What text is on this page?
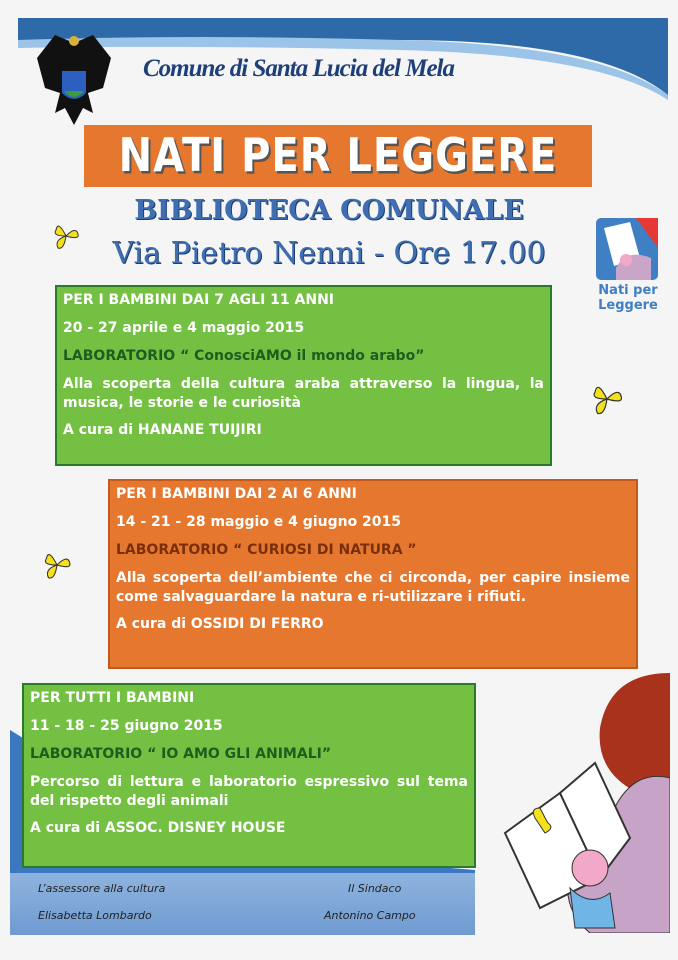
Comune di Santa Lucia del Mela
NATI PER LEGGERE
BIBLIOTECA COMUNALE
Via Pietro Nenni - Ore 17.00
Nati per Leggere
PER I BAMBINI DAI 7 AGLI 11 ANNI
20 - 27 aprile e 4 maggio 2015
LABORATORIO “ ConosciAMO il mondo arabo”
Alla scoperta della cultura araba attraverso la lingua, la musica, le storie e le curiosità
A cura di HANANE TUIJIRI
PER I BAMBINI DAI 2 AI 6 ANNI
14 - 21 - 28 maggio e 4 giugno 2015
LABORATORIO “ CURIOSI DI NATURA ”
Alla scoperta dell’ambiente che ci circonda, per capire insieme come salvaguardare la natura e ri-utilizzare i rifiuti.
A cura di OSSIDI DI FERRO
PER TUTTI I BAMBINI
11 - 18 - 25 giugno 2015
LABORATORIO “ IO AMO GLI ANIMALI”
Percorso di lettura e laboratorio espressivo sul tema del rispetto degli animali
A cura di ASSOC. DISNEY HOUSE
L’assessore alla cultura
Elisabetta Lombardo
Il Sindaco
Antonino Campo
